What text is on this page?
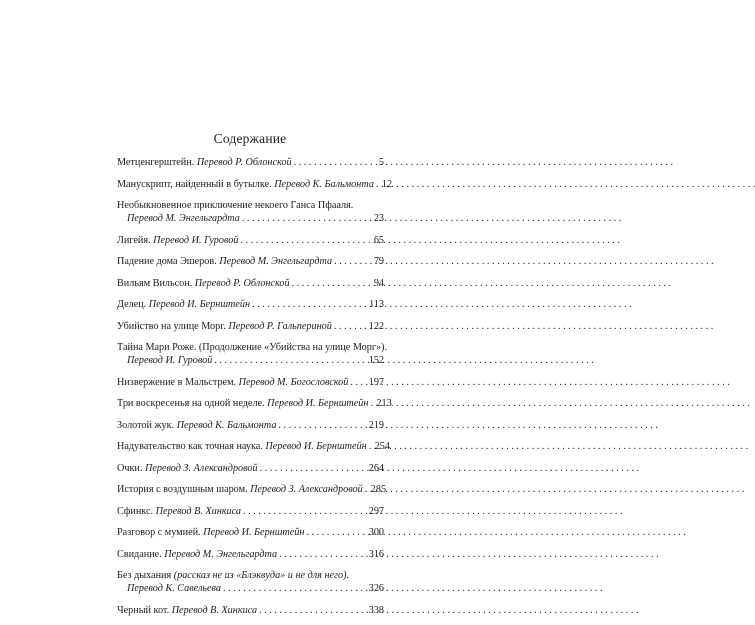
Содержание
Метценгерштейн. Перевод Р. Облонской . . .	5
Манускрипт, найденный в бутылке. Перевод К. Бальмонта . . . 12
Необыкновенное приключение некоего Ганса Пфааля.
Перевод М. Энгельгардта . . .	23
Лигейя. Перевод И. Гуровой . . .	65
Падение дома Эшеров. Перевод М. Энгельгардта . . .	79
Вильям Вильсон. Перевод Р. Облонской . . .	94
Делец. Перевод И. Бернштейн . . .	113
Убийство на улице Морг. Перевод Р. Гальпериной . . .	122
Тайна Мари Роже. (Продолжение «Убийства на улице Морг»).
Перевод И. Гуровой . . .	152
Низвержение в Мальстрем. Перевод М. Богословской . . . 197
Три воскресенья на одной неделе. Перевод И. Бернштейн . . . 213
Золотой жук. Перевод К. Бальмонта . . .	219
Надувательство как точная наука. Перевод И. Бернштейн . . . 254
Очки. Перевод З. Александровой . . .	264
История с воздушным шаром. Перевод З. Александровой . . . 285
Сфинкс. Перевод В. Хинкиса . . .	297
Разговор с мумией. Перевод И. Бернштейн . . .	300
Свидание. Перевод М. Энгельгардта . . .	316
Без дыхания (рассказ не из «Блэквуда» и не для него).
Перевод К. Савельева . . .	326
Черный кот. Перевод В. Хинкиса . . .	338
